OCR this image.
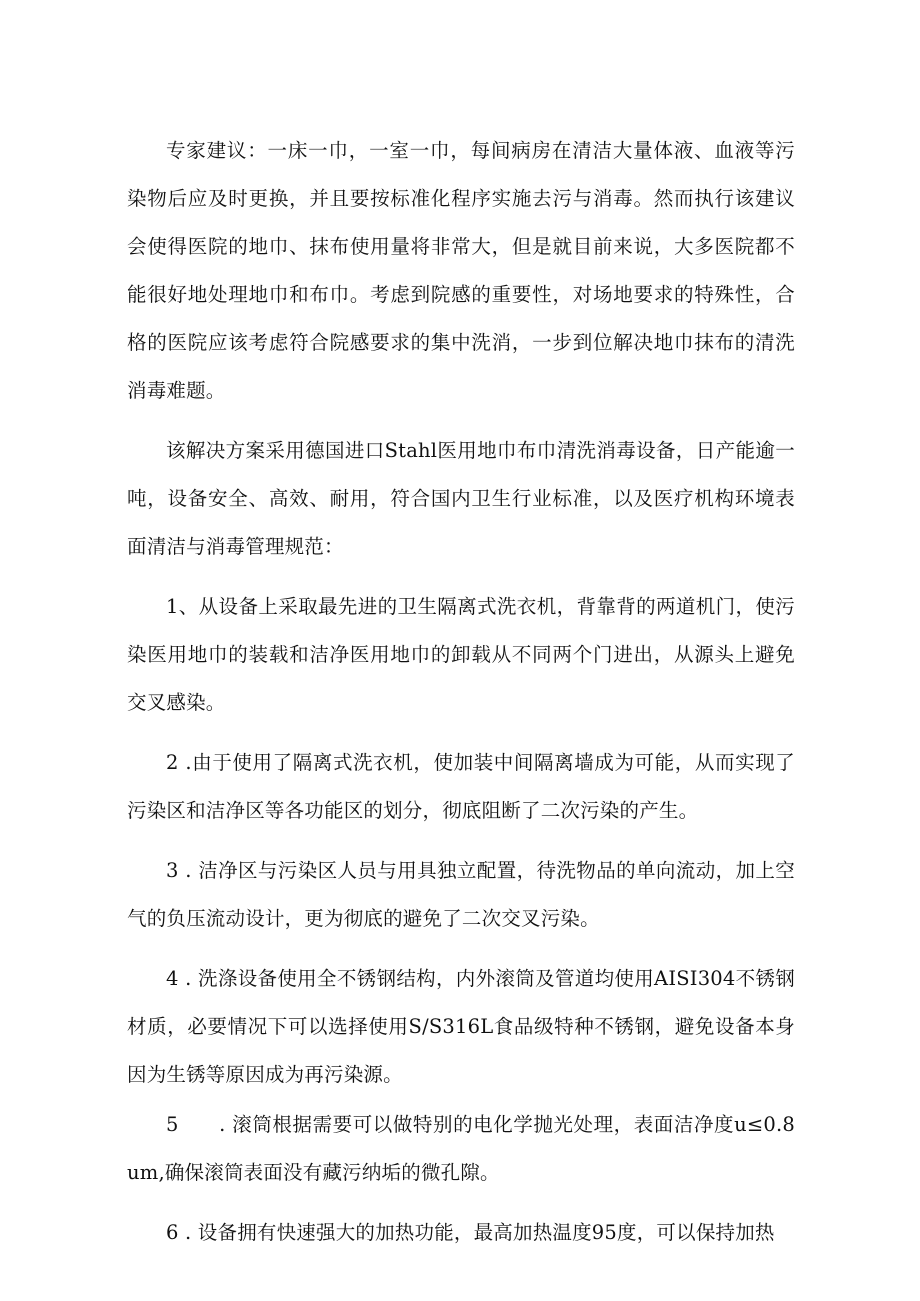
专家建议：一床一巾，一室一巾，每间病房在清洁大量体液、血液等污染物后应及时更换，并且要按标准化程序实施去污与消毒。然而执行该建议会使得医院的地巾、抹布使用量将非常大，但是就目前来说，大多医院都不能很好地处理地巾和布巾。考虑到院感的重要性，对场地要求的特殊性，合格的医院应该考虑符合院感要求的集中洗消，一步到位解决地巾抹布的清洗消毒难题。

该解决方案采用德国进口Stahl医用地巾布巾清洗消毒设备，日产能逾一吨，设备安全、高效、耐用，符合国内卫生行业标准，以及医疗机构环境表面清洁与消毒管理规范：

1、从设备上采取最先进的卫生隔离式洗衣机，背靠背的两道机门，使污染医用地巾的装载和洁净医用地巾的卸载从不同两个门进出，从源头上避免交叉感染。

2 .由于使用了隔离式洗衣机，使加装中间隔离墙成为可能，从而实现了污染区和洁净区等各功能区的划分，彻底阻断了二次污染的产生。

3 . 洁净区与污染区人员与用具独立配置，待洗物品的单向流动，加上空气的负压流动设计，更为彻底的避免了二次交叉污染。

4 . 洗涤设备使用全不锈钢结构，内外滚筒及管道均使用AISI304不锈钢材质，必要情况下可以选择使用S/S316L食品级特种不锈钢，避免设备本身因为生锈等原因成为再污染源。

5　　. 滚筒根据需要可以做特别的电化学抛光处理，表面洁净度u≤0.8um,确保滚筒表面没有藏污纳垢的微孔隙。

6 . 设备拥有快速强大的加热功能，最高加热温度95度，可以保持加热
